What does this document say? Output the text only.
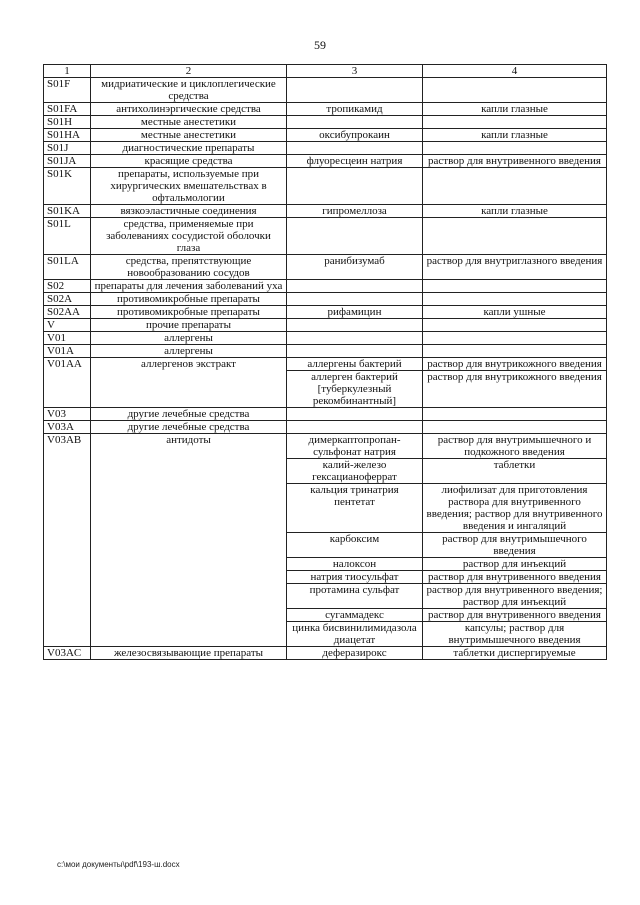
59
1	2	3	4
S01F	мидриатические и циклоплегические средства		
S01FA	антихолинэргические средства	тропикамид	капли глазные
S01H	местные анестетики		
S01HA	местные анестетики	оксибупрокаин	капли глазные
S01J	диагностические препараты		
S01JA	красящие средства	флуоресцеин натрия	раствор для внутривенного введения
S01K	препараты, используемые при хирургических вмешательствах в офтальмологии		
S01KA	вязкоэластичные соединения	гипромеллоза	капли глазные
S01L	средства, применяемые при заболеваниях сосудистой оболочки глаза		
S01LA	средства, препятствующие новообразованию сосудов	ранибизумаб	раствор для внутриглазного введения
S02	препараты для лечения заболеваний уха		
S02A	противомикробные препараты		
S02AA	противомикробные препараты	рифамицин	капли ушные
V	прочие препараты		
V01	аллергены		
V01A	аллергены		
V01AA	аллергенов экстракт	аллергены бактерий	раствор для внутрикожного введения
		аллерген бактерий [туберкулезный рекомбинантный]	раствор для внутрикожного введения
V03	другие лечебные средства		
V03A	другие лечебные средства		
V03AB	антидоты	димеркаптопропан-сульфонат натрия	раствор для внутримышечного и подкожного введения
		калий-железо гексацианоферрат	таблетки
		кальция тринатрия пентетат	лиофилизат для приготовления раствора для внутривенного введения; раствор для внутривенного введения и ингаляций
		карбоксим	раствор для внутримышечного введения
		налоксон	раствор для инъекций
		натрия тиосульфат	раствор для внутривенного введения
		протамина сульфат	раствор для внутривенного введения; раствор для инъекций
		сугаммадекс	раствор для внутривенного введения
		цинка бисвинилимидазола диацетат	капсулы; раствор для внутримышечного введения
V03AC	железосвязывающие препараты	деферазирокс	таблетки диспергируемые
c:\мои документы\pdf\193-ш.docx
